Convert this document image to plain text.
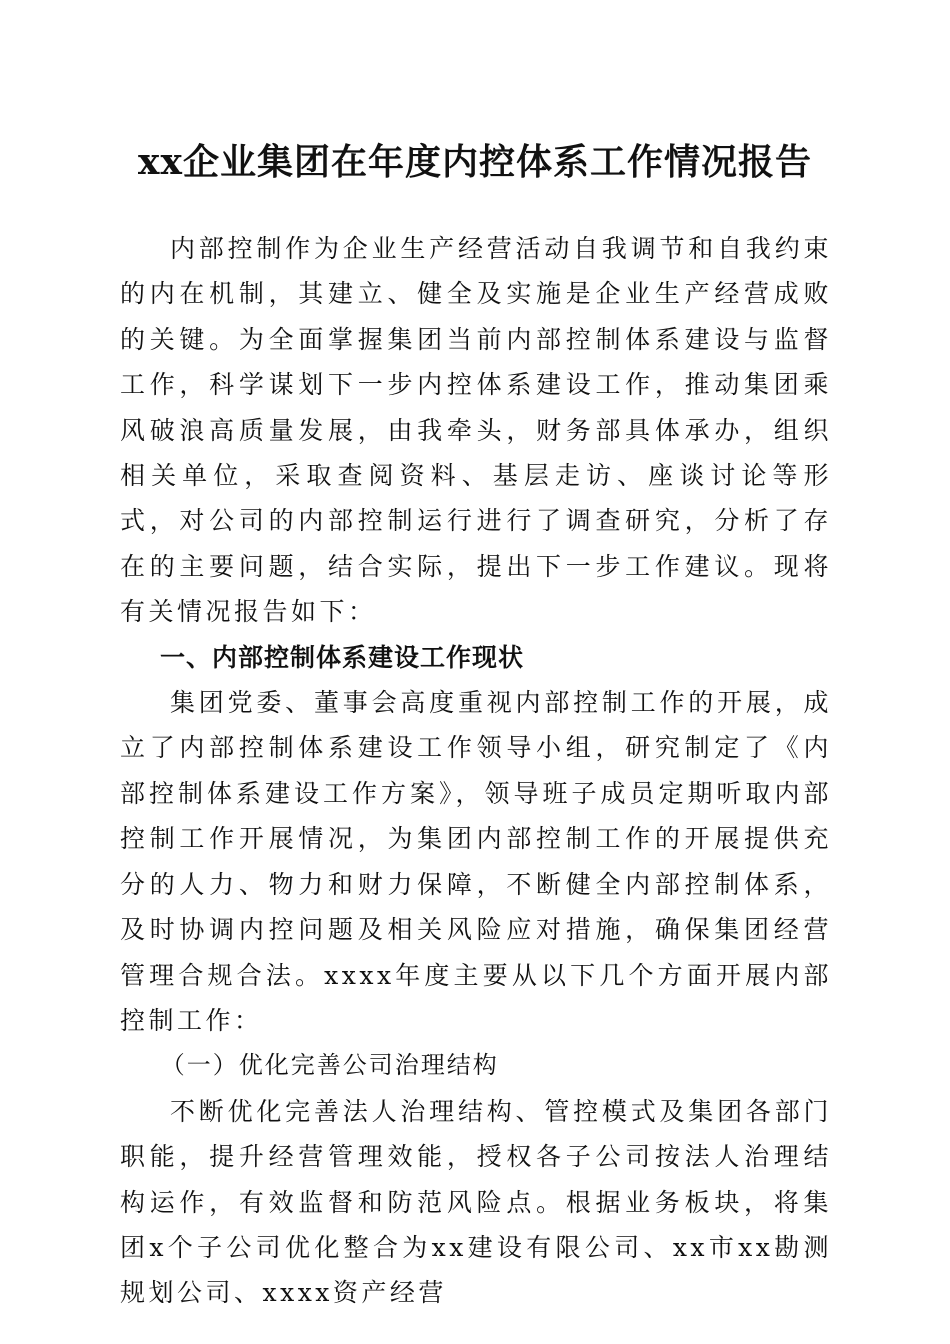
xx企业集团在年度内控体系工作情况报告

内部控制作为企业生产经营活动自我调节和自我约束的内在机制，其建立、健全及实施是企业生产经营成败的关键。为全面掌握集团当前内部控制体系建设与监督工作，科学谋划下一步内控体系建设工作，推动集团乘风破浪高质量发展，由我牵头，财务部具体承办，组织相关单位，采取查阅资料、基层走访、座谈讨论等形式，对公司的内部控制运行进行了调查研究，分析了存在的主要问题，结合实际，提出下一步工作建议。现将有关情况报告如下：

一、内部控制体系建设工作现状

集团党委、董事会高度重视内部控制工作的开展，成立了内部控制体系建设工作领导小组，研究制定了《内部控制体系建设工作方案》，领导班子成员定期听取内部控制工作开展情况，为集团内部控制工作的开展提供充分的人力、物力和财力保障，不断健全内部控制体系，及时协调内控问题及相关风险应对措施，确保集团经营管理合规合法。xxxx年度主要从以下几个方面开展内部控制工作：

（一）优化完善公司治理结构

不断优化完善法人治理结构、管控模式及集团各部门职能，提升经营管理效能，授权各子公司按法人治理结构运作，有效监督和防范风险点。根据业务板块，将集团x个子公司优化整合为xx建设有限公司、xx市xx勘测规划公司、xxxx资产经营
